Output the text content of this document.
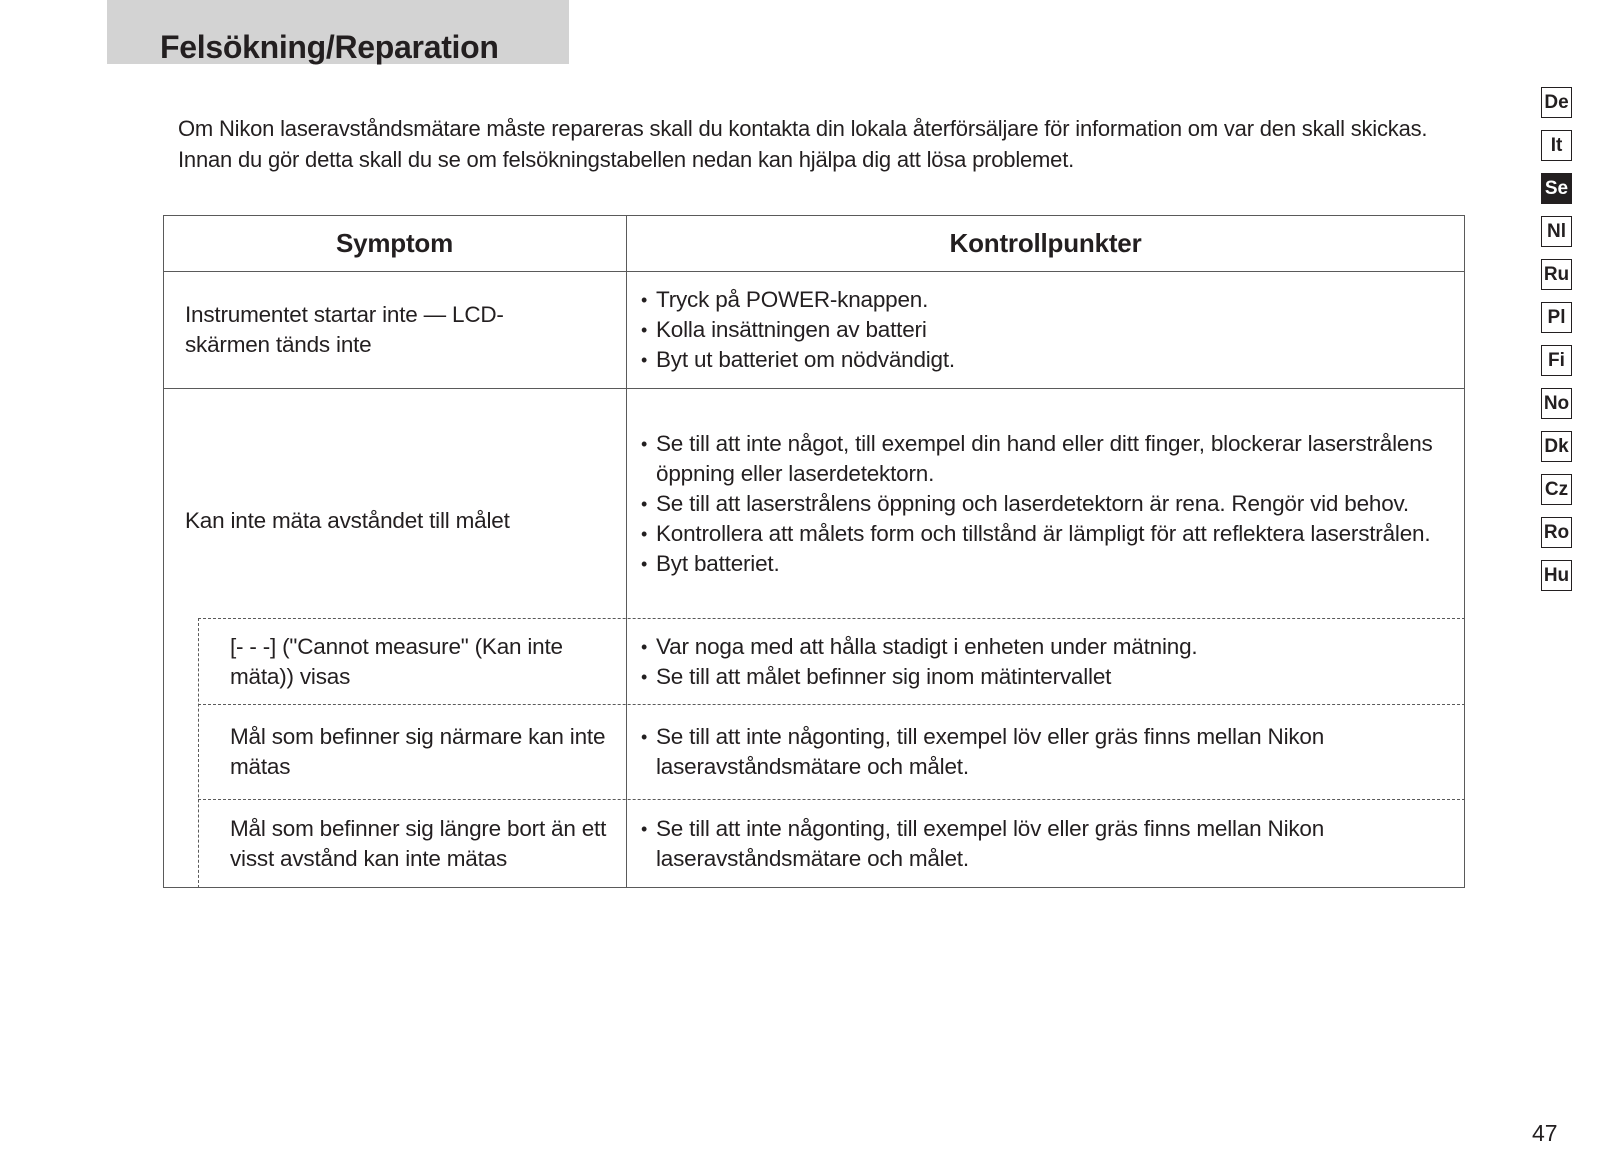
Felsökning/Reparation

Om Nikon laseravståndsmätare måste repareras skall du kontakta din lokala återförsäljare för information om var den skall skickas. Innan du gör detta skall du se om felsökningstabellen nedan kan hjälpa dig att lösa problemet.

Symptom	Kontrollpunkter
Instrumentet startar inte — LCD-skärmen tänds inte
• Tryck på POWER-knappen.
• Kolla insättningen av batteri
• Byt ut batteriet om nödvändigt.
Kan inte mäta avståndet till målet
• Se till att inte något, till exempel din hand eller ditt finger, blockerar laserstrålens öppning eller laserdetektorn.
• Se till att laserstrålens öppning och laserdetektorn är rena. Rengör vid behov.
• Kontrollera att målets form och tillstånd är lämpligt för att reflektera laserstrålen.
• Byt batteriet.
[- - -] ("Cannot measure" (Kan inte mäta)) visas
• Var noga med att hålla stadigt i enheten under mätning.
• Se till att målet befinner sig inom mätintervallet
Mål som befinner sig närmare kan inte mätas
• Se till att inte någonting, till exempel löv eller gräs finns mellan Nikon laseravståndsmätare och målet.
Mål som befinner sig längre bort än ett visst avstånd kan inte mätas
• Se till att inte någonting, till exempel löv eller gräs finns mellan Nikon laseravståndsmätare och målet.
De
It
Se
Nl
Ru
Pl
Fi
No
Dk
Cz
Ro
Hu
47
